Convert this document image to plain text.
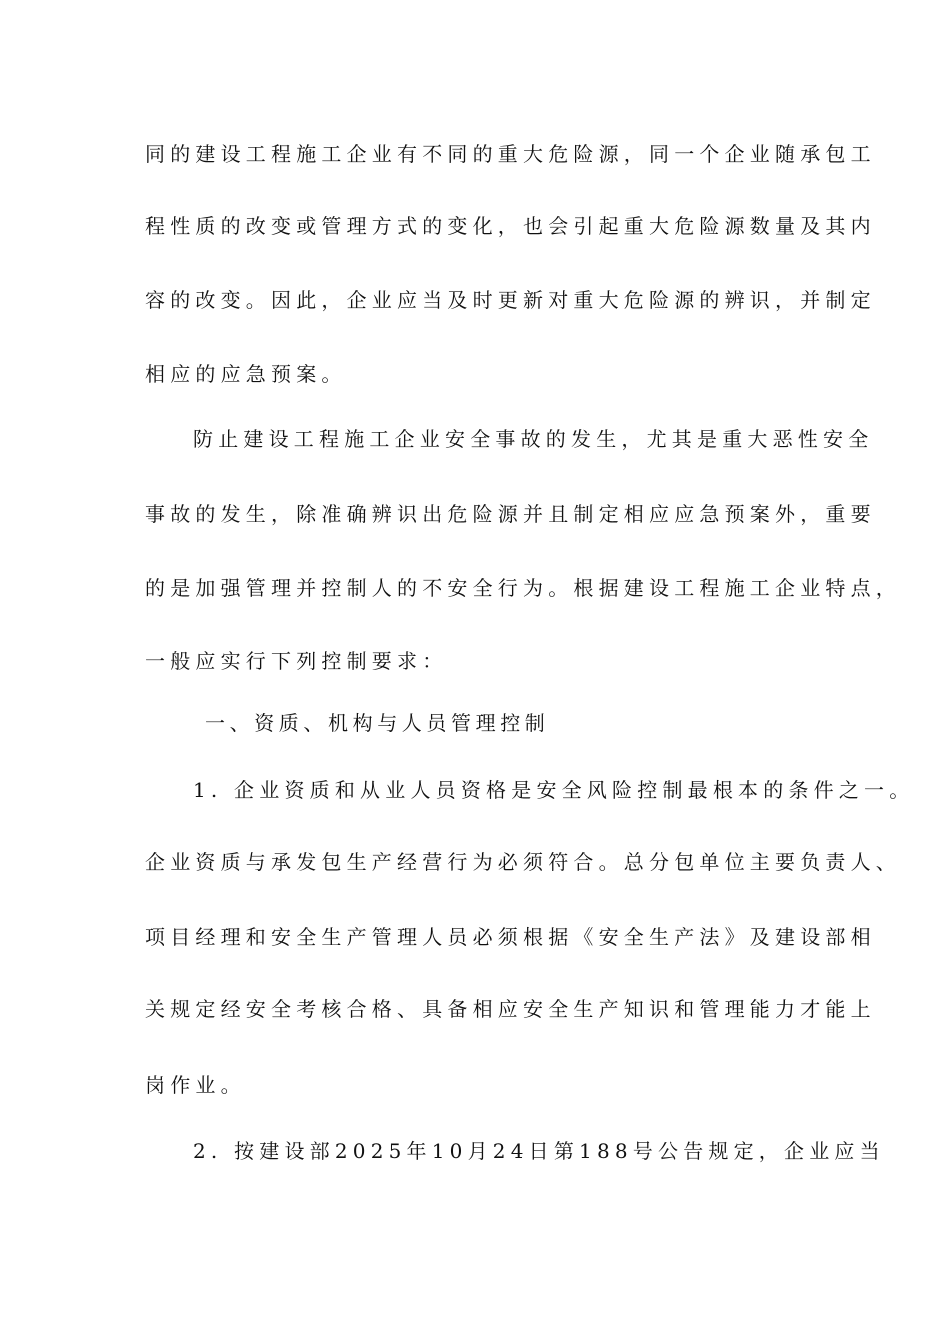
同的建设工程施工企业有不同的重大危险源，同一个企业随承包工

程性质的改变或管理方式的变化，也会引起重大危险源数量及其内

容的改变。因此，企业应当及时更新对重大危险源的辨识，并制定

相应的应急预案。

防止建设工程施工企业安全事故的发生，尤其是重大恶性安全

事故的发生，除准确辨识出危险源并且制定相应应急预案外，重要

的是加强管理并控制人的不安全行为。根据建设工程施工企业特点，

一般应实行下列控制要求：

一、资质、机构与人员管理控制

1. 企业资质和从业人员资格是安全风险控制最根本的条件之一。

企业资质与承发包生产经营行为必须符合。总分包单位主要负责人、

项目经理和安全生产管理人员必须根据《安全生产法》及建设部相

关规定经安全考核合格、具备相应安全生产知识和管理能力才能上

岗作业。

2. 按建设部2025年10月24日第188号公告规定，企业应当
